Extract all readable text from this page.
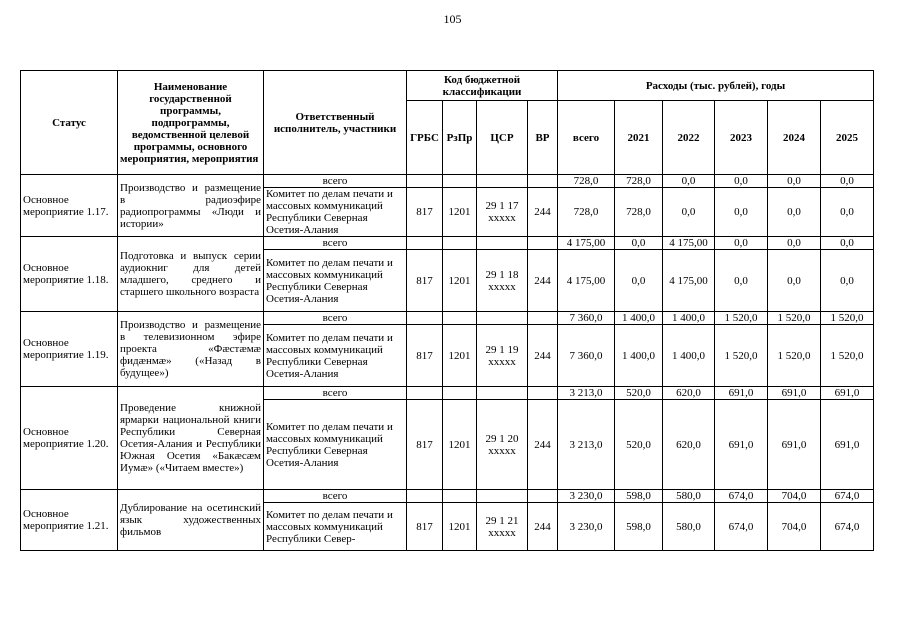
105
Статус	Наименование государственной программы, подпрограммы, ведомственной целевой программы, основного мероприятия, мероприятия	Ответственный исполнитель, участники	Код бюджетной классификации				Расходы (тыс. рублей), годы					
			ГРБС	РзПр	ЦСР	ВР	всего	2021	2022	2023	2024	2025
Основное мероприятие 1.17.	Производство и размещение в радиоэфире радиопрограммы «Люди и истории»	всего					728,0	728,0	0,0	0,0	0,0	0,0
		Комитет по делам печати и массовых коммуникаций Республики Северная Осетия-Алания	817	1201	29 1 17 ххххх	244	728,0	728,0	0,0	0,0	0,0	0,0
Основное мероприятие 1.18.	Подготовка и выпуск серии аудиокниг для детей младшего, среднего и старшего школьного возраста	всего					4 175,00	0,0	4 175,00	0,0	0,0	0,0
		Комитет по делам печати и массовых коммуникаций Республики Северная Осетия-Алания	817	1201	29 1 18 ххххх	244	4 175,00	0,0	4 175,00	0,0	0,0	0,0
Основное мероприятие 1.19.	Производство и размещение в телевизионном эфире проекта «Фæстæмæ фидæнмæ» («Назад в будущее»)	всего					7 360,0	1 400,0	1 400,0	1 520,0	1 520,0	1 520,0
		Комитет по делам печати и массовых коммуникаций Республики Северная Осетия-Алания	817	1201	29 1 19 ххххх	244	7 360,0	1 400,0	1 400,0	1 520,0	1 520,0	1 520,0
Основное мероприятие 1.20.	Проведение книжной ярмарки национальной книги Республики Северная Осетия-Алания и Республики Южная Осетия «Бакæсæм Иумæ» («Читаем вместе»)	всего					3 213,0	520,0	620,0	691,0	691,0	691,0
		Комитет по делам печати и массовых коммуникаций Республики Северная Осетия-Алания	817	1201	29 1 20 ххххх	244	3 213,0	520,0	620,0	691,0	691,0	691,0
Основное мероприятие 1.21.	Дублирование на осетинский язык художественных фильмов	всего					3 230,0	598,0	580,0	674,0	704,0	674,0
		Комитет по делам печати и массовых коммуникаций Республики Север-	817	1201	29 1 21 ххххх	244	3 230,0	598,0	580,0	674,0	704,0	674,0
